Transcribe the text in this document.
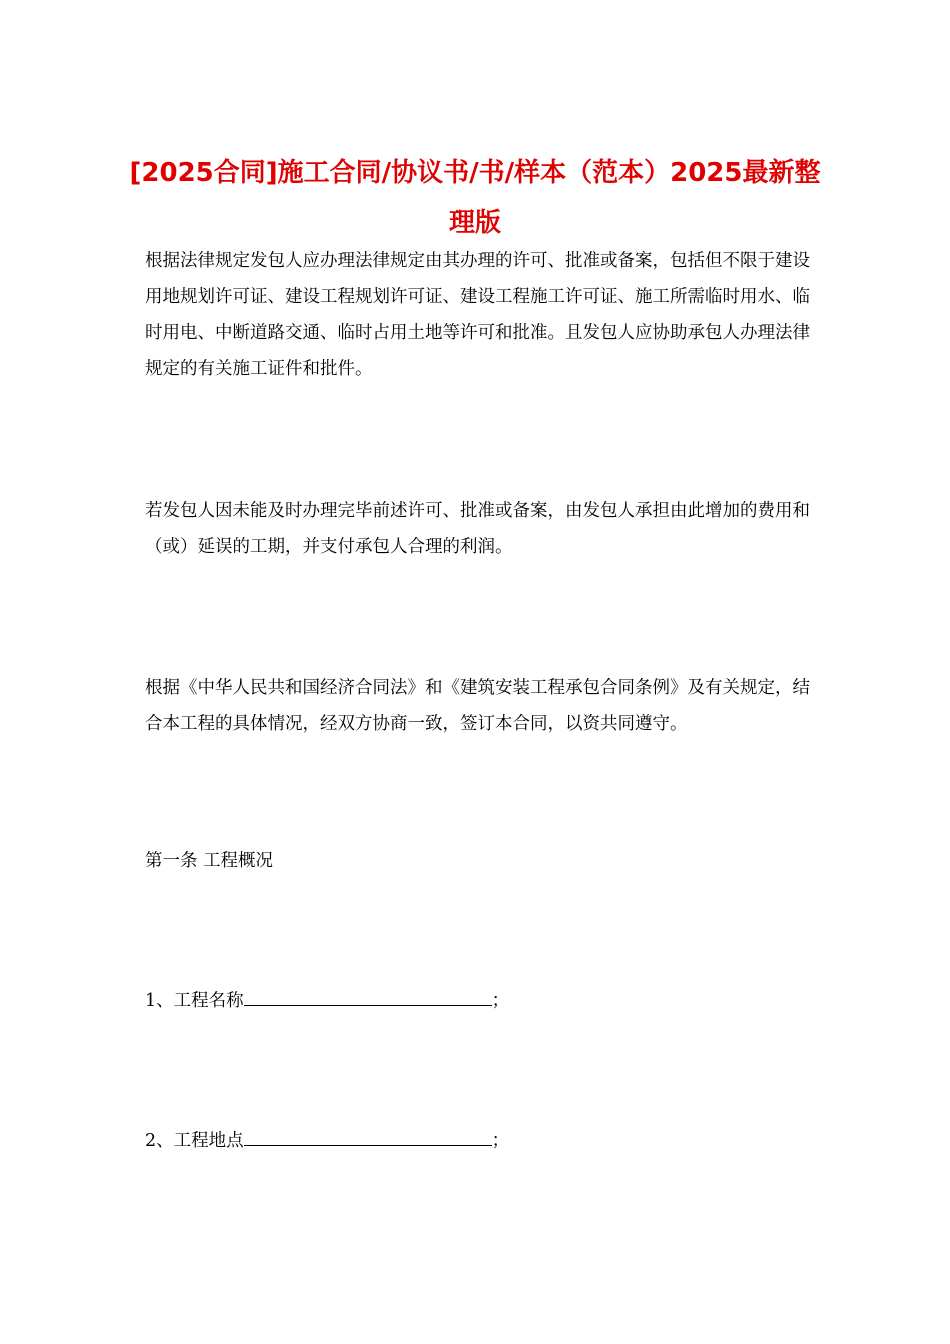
[2025合同]施工合同/协议书/书/样本（范本）2025最新整理版

根据法律规定发包人应办理法律规定由其办理的许可、批准或备案，包括但不限于建设用地规划许可证、建设工程规划许可证、建设工程施工许可证、施工所需临时用水、临时用电、中断道路交通、临时占用土地等许可和批准。且发包人应协助承包人办理法律规定的有关施工证件和批件。

若发包人因未能及时办理完毕前述许可、批准或备案，由发包人承担由此增加的费用和（或）延误的工期，并支付承包人合理的利润。

根据《中华人民共和国经济合同法》和《建筑安装工程承包合同条例》及有关规定，结合本工程的具体情况，经双方协商一致，签订本合同，以资共同遵守。

第一条 工程概况

1、工程名称	；

2、工程地点	；
